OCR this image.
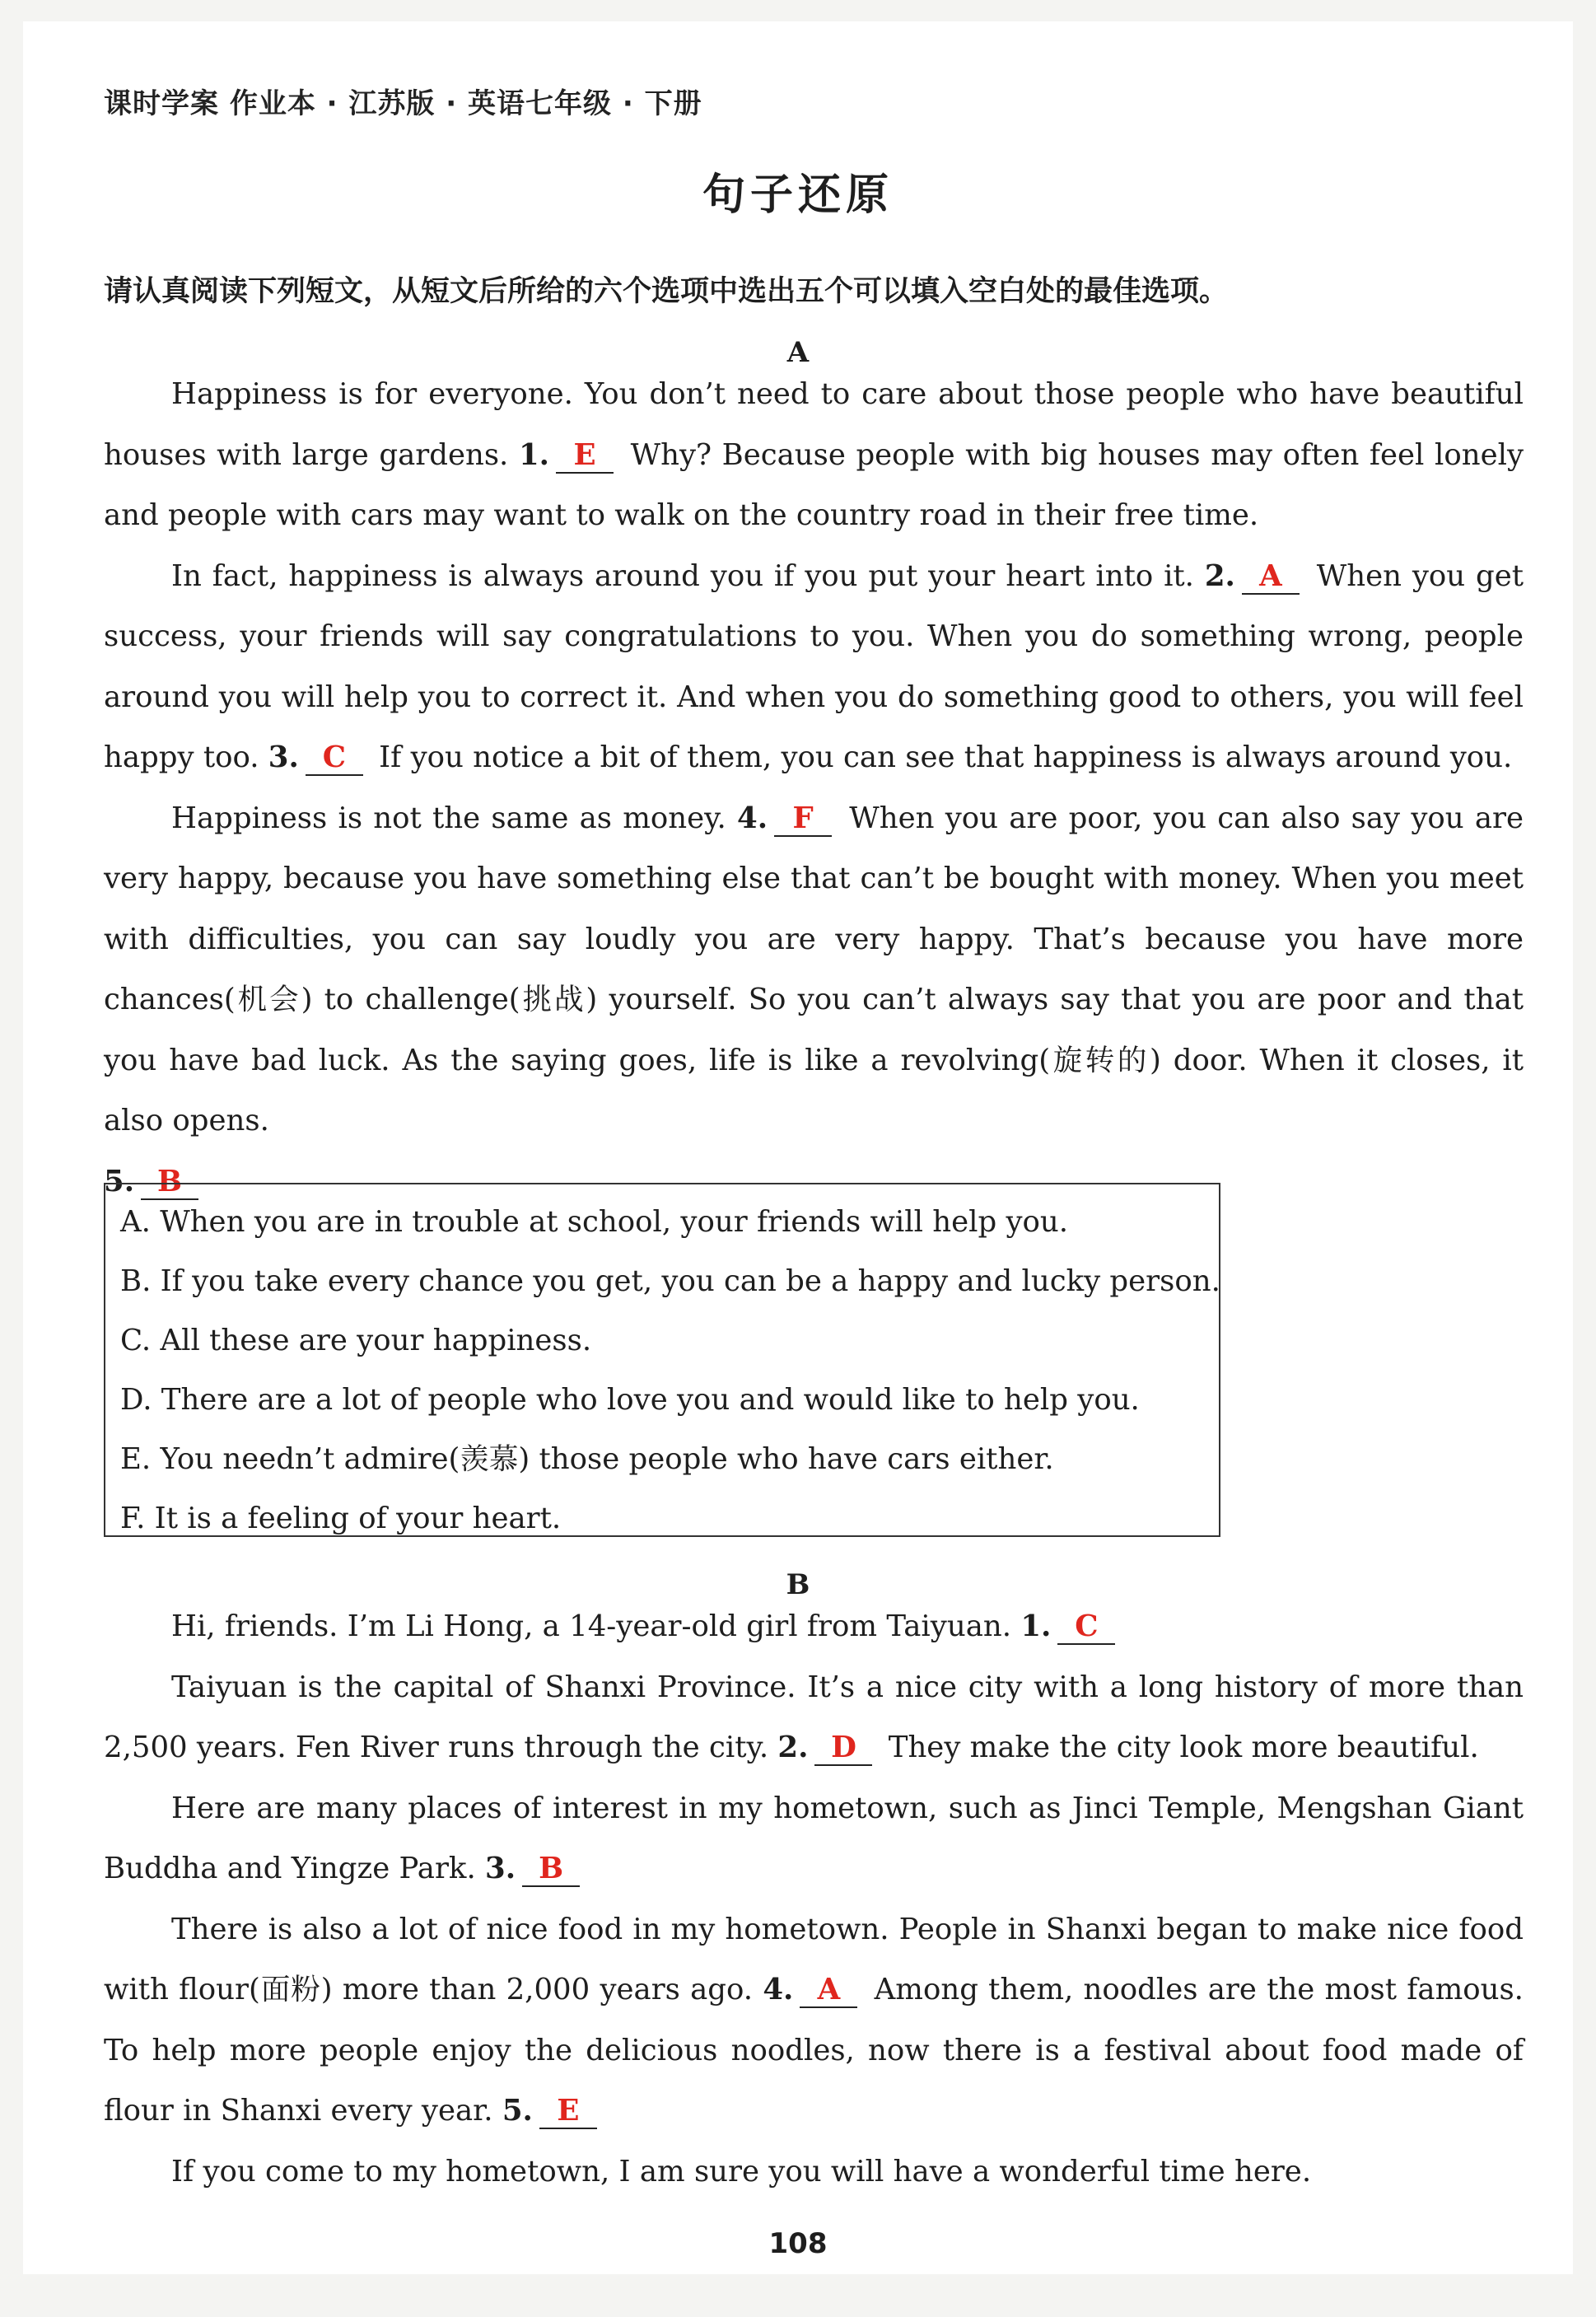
课时学案 作业本 · 江苏版 · 英语七年级 · 下册
句子还原
请认真阅读下列短文，从短文后所给的六个选项中选出五个可以填入空白处的最佳选项。
A

Happiness is for everyone. You don’t need to care about those people who have beautiful houses with large gardens. 1. E Why? Because people with big houses may often feel lonely and people with cars may want to walk on the country road in their free time.

In fact, happiness is always around you if you put your heart into it. 2. A When you get success, your friends will say congratulations to you. When you do something wrong, people around you will help you to correct it. And when you do something good to others, you will feel happy too. 3. C If you notice a bit of them, you can see that happiness is always around you.

Happiness is not the same as money. 4. F When you are poor, you can also say you are very happy, because you have something else that can’t be bought with money. When you meet with difficulties, you can say loudly you are very happy. That’s because you have more chances(机会) to challenge(挑战) yourself. So you can’t always say that you are poor and that you have bad luck. As the saying goes, life is like a revolving(旋转的) door. When it closes, it also opens.

5. B

A. When you are in trouble at school, your friends will help you.
B. If you take every chance you get, you can be a happy and lucky person.
C. All these are your happiness.
D. There are a lot of people who love you and would like to help you.
E. You needn’t admire(羡慕) those people who have cars either.
F. It is a feeling of your heart.
B

Hi, friends. I’m Li Hong, a 14-year-old girl from Taiyuan. 1. C

Taiyuan is the capital of Shanxi Province. It’s a nice city with a long history of more than 2,500 years. Fen River runs through the city. 2. D They make the city look more beautiful.

Here are many places of interest in my hometown, such as Jinci Temple, Mengshan Giant Buddha and Yingze Park. 3. B

There is also a lot of nice food in my hometown. People in Shanxi began to make nice food with flour(面粉) more than 2,000 years ago. 4. A Among them, noodles are the most famous. To help more people enjoy the delicious noodles, now there is a festival about food made of flour in Shanxi every year. 5. E

If you come to my hometown, I am sure you will have a wonderful time here.

108
